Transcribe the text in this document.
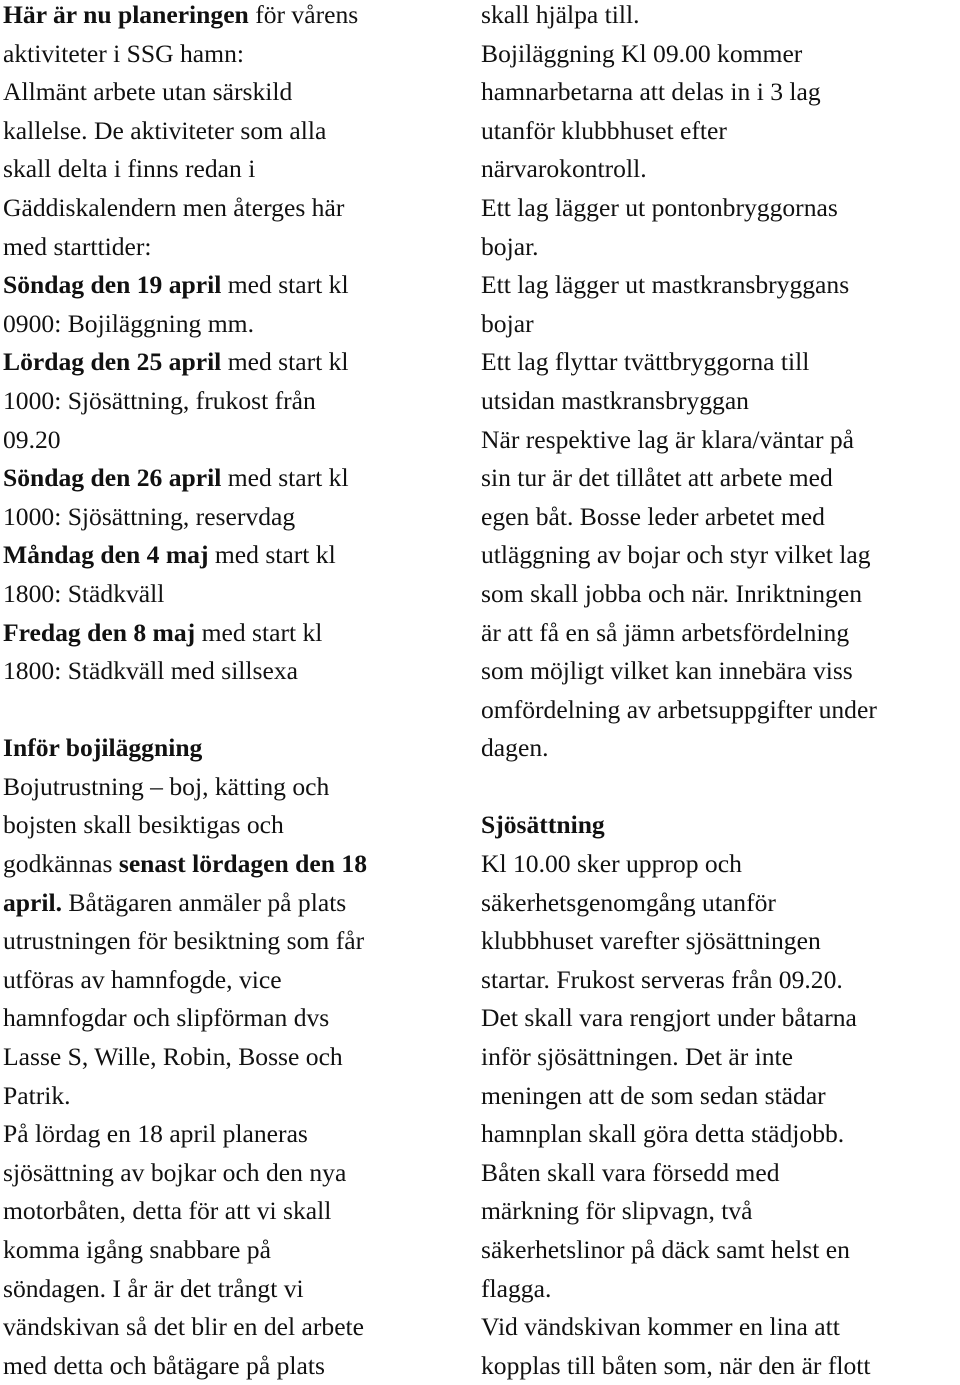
Här är nu planeringen för vårens
aktiviteter i SSG hamn:
Allmänt arbete utan särskild
kallelse. De aktiviteter som alla
skall delta i finns redan i
Gäddiskalendern men återges här
med starttider:
Söndag den 19 april med start kl
0900: Bojiläggning mm.
Lördag den 25 april med start kl
1000: Sjösättning, frukost från
09.20
Söndag den 26 april med start kl
1000: Sjösättning, reservdag
Måndag den 4 maj med start kl
1800: Städkväll
Fredag den 8 maj med start kl
1800: Städkväll med sillsexa
Inför bojiläggning
Bojutrustning – boj, kätting och
bojsten skall besiktigas och
godkännas senast lördagen den 18
april. Båtägaren anmäler på plats
utrustningen för besiktning som får
utföras av hamnfogde, vice
hamnfogdar och slipförman dvs
Lasse S, Wille, Robin, Bosse och
Patrik.
På lördag en 18 april planeras
sjösättning av bojkar och den nya
motorbåten, detta för att vi skall
komma igång snabbare på
söndagen. I år är det trångt vi
vändskivan så det blir en del arbete
med detta och båtägare på plats
skall hjälpa till.
Bojiläggning Kl 09.00 kommer
hamnarbetarna att delas in i 3 lag
utanför klubbhuset efter
närvarokontroll.
Ett lag lägger ut pontonbryggornas
bojar.
Ett lag lägger ut mastkransbryggans
bojar
Ett lag flyttar tvättbryggorna till
utsidan mastkransbryggan
När respektive lag är klara/väntar på
sin tur är det tillåtet att arbete med
egen båt. Bosse leder arbetet med
utläggning av bojar och styr vilket lag
som skall jobba och när. Inriktningen
är att få en så jämn arbetsfördelning
som möjligt vilket kan innebära viss
omfördelning av arbetsuppgifter under
dagen.
Sjösättning
Kl 10.00 sker upprop och
säkerhetsgenomgång utanför
klubbhuset varefter sjösättningen
startar. Frukost serveras från 09.20.
Det skall vara rengjort under båtarna
inför sjösättningen. Det är inte
meningen att de som sedan städar
hamnplan skall göra detta städjobb.
Båten skall vara försedd med
märkning för slipvagn, två
säkerhetslinor på däck samt helst en
flagga.
Vid vändskivan kommer en lina att
kopplas till båten som, när den är flott
